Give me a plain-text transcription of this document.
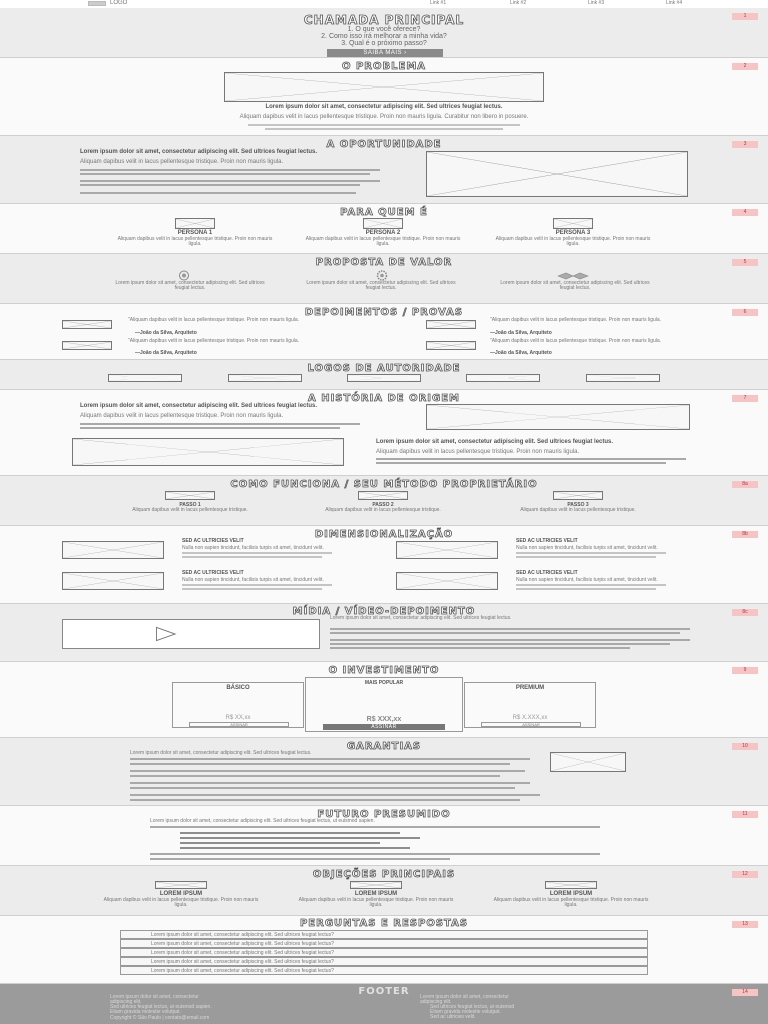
LOGO	Link #1	Link #2	Link #3	Link #4
1
CHAMADA PRINCIPAL
1. O que você oferece?
2. Como isso irá melhorar a minha vida?
3. Qual é o próximo passo?
SAIBA MAIS ›
2
O PROBLEMA
Lorem ipsum dolor sit amet, consectetur adipiscing elit. Sed ultrices feugiat lectus.
Aliquam dapibus velit in lacus pellentesque tristique. Proin non mauris ligula. Curabitur non libero in posuere.
3
A OPORTUNIDADE
Lorem ipsum dolor sit amet, consectetur adipiscing elit. Sed ultrices feugiat lectus.
Aliquam dapibus velit in lacus pellentesque tristique. Proin non mauris ligula.
4
PARA QUEM É
PERSONA 1	PERSONA 2	PERSONA 3
Aliquam dapibus velit in lacus pellentesque tristique. Proin non mauris ligula.
Aliquam dapibus velit in lacus pellentesque tristique. Proin non mauris ligula.
Aliquam dapibus velit in lacus pellentesque tristique. Proin non mauris ligula.
5
PROPOSTA DE VALOR
Lorem ipsum dolor sit amet, consectetur adipiscing elit. Sed ultrices feugiat lectus.
Lorem ipsum dolor sit amet, consectetur adipiscing elit. Sed ultrices feugiat lectus.
Lorem ipsum dolor sit amet, consectetur adipiscing elit. Sed ultrices feugiat lectus.
6
DEPOIMENTOS / PROVAS
"Aliquam dapibus velit in lacus pellentesque tristique. Proin non mauris ligula.
—João da Silva, Arquiteto
"Aliquam dapibus velit in lacus pellentesque tristique. Proin non mauris ligula.
—João da Silva, Arquiteto
"Aliquam dapibus velit in lacus pellentesque tristique. Proin non mauris ligula.
—João da Silva, Arquiteto
"Aliquam dapibus velit in lacus pellentesque tristique. Proin non mauris ligula.
—João da Silva, Arquiteto
LOGOS DE AUTORIDADE
7
A HISTÓRIA DE ORIGEM
Lorem ipsum dolor sit amet, consectetur adipiscing elit. Sed ultrices feugiat lectus.
Aliquam dapibus velit in lacus pellentesque tristique. Proin non mauris ligula.
Lorem ipsum dolor sit amet, consectetur adipiscing elit. Sed ultrices feugiat lectus.
Aliquam dapibus velit in lacus pellentesque tristique. Proin non mauris ligula.
8a
COMO FUNCIONA / SEU MÉTODO PROPRIETÁRIO
PASSO 1	PASSO 2	PASSO 3
Aliquam dapibus velit in lacus pellentesque tristique.	Aliquam dapibus velit in lacus pellentesque tristique.	Aliquam dapibus velit in lacus pellentesque tristique.
8b
DIMENSIONALIZAÇÃO
SED AC ULTRICIES VELIT
Nulla non sapien tincidunt, facilisis turpis sit amet, tincidunt velit.
SED AC ULTRICIES VELIT
Nulla non sapien tincidunt, facilisis turpis sit amet, tincidunt velit.
SED AC ULTRICIES VELIT
Nulla non sapien tincidunt, facilisis turpis sit amet, tincidunt velit.
SED AC ULTRICIES VELIT
Nulla non sapien tincidunt, facilisis turpis sit amet, tincidunt velit.
8c
MÍDIA / VÍDEO-DEPOIMENTO
Lorem ipsum dolor sit amet, consectetur adipiscing elit. Sed ultrices feugiat lectus.
9
O INVESTIMENTO
BÁSICO
R$ XX,xx
ASSINAR
MAIS POPULAR
R$ XXX,xx
ASSINAR
PREMIUM
R$ X.XXX,xx
ASSINAR
10
GARANTIAS
Lorem ipsum dolor sit amet, consectetur adipiscing elit. Sed ultrices feugiat lectus.
11
FUTURO PRESUMIDO
Lorem ipsum dolor sit amet, consectetur adipiscing elit. Sed ultrices feugiat lectus, ut euismod sapien.
12
OBJEÇÕES PRINCIPAIS
LOREM IPSUM	LOREM IPSUM	LOREM IPSUM
Aliquam dapibus velit in lacus pellentesque tristique. Proin non mauris ligula.
Aliquam dapibus velit in lacus pellentesque tristique. Proin non mauris ligula.
Aliquam dapibus velit in lacus pellentesque tristique. Proin non mauris ligula.
13
PERGUNTAS E RESPOSTAS
Lorem ipsum dolor sit amet, consectetur adipiscing elit. Sed ultrices feugiat lectus?
Lorem ipsum dolor sit amet, consectetur adipiscing elit. Sed ultrices feugiat lectus?
Lorem ipsum dolor sit amet, consectetur adipiscing elit. Sed ultrices feugiat lectus?
Lorem ipsum dolor sit amet, consectetur adipiscing elit. Sed ultrices feugiat lectus?
Lorem ipsum dolor sit amet, consectetur adipiscing elit. Sed ultrices feugiat lectus?
14
FOOTER
Lorem ipsum dolor sit amet, consectetur
adipiscing elit.
Sed ultrices feugiat lectus, ut euismod sapien.
Etiam gravida molestie volutpat.
Copyright © São Paulo | contato@email.com
Lorem ipsum dolor sit amet, consectetur
adipiscing elit.
Sed ultrices feugiat lectus, ut euismod
Etiam gravida molestie volutpat.
Sed ac ultricies velit.
